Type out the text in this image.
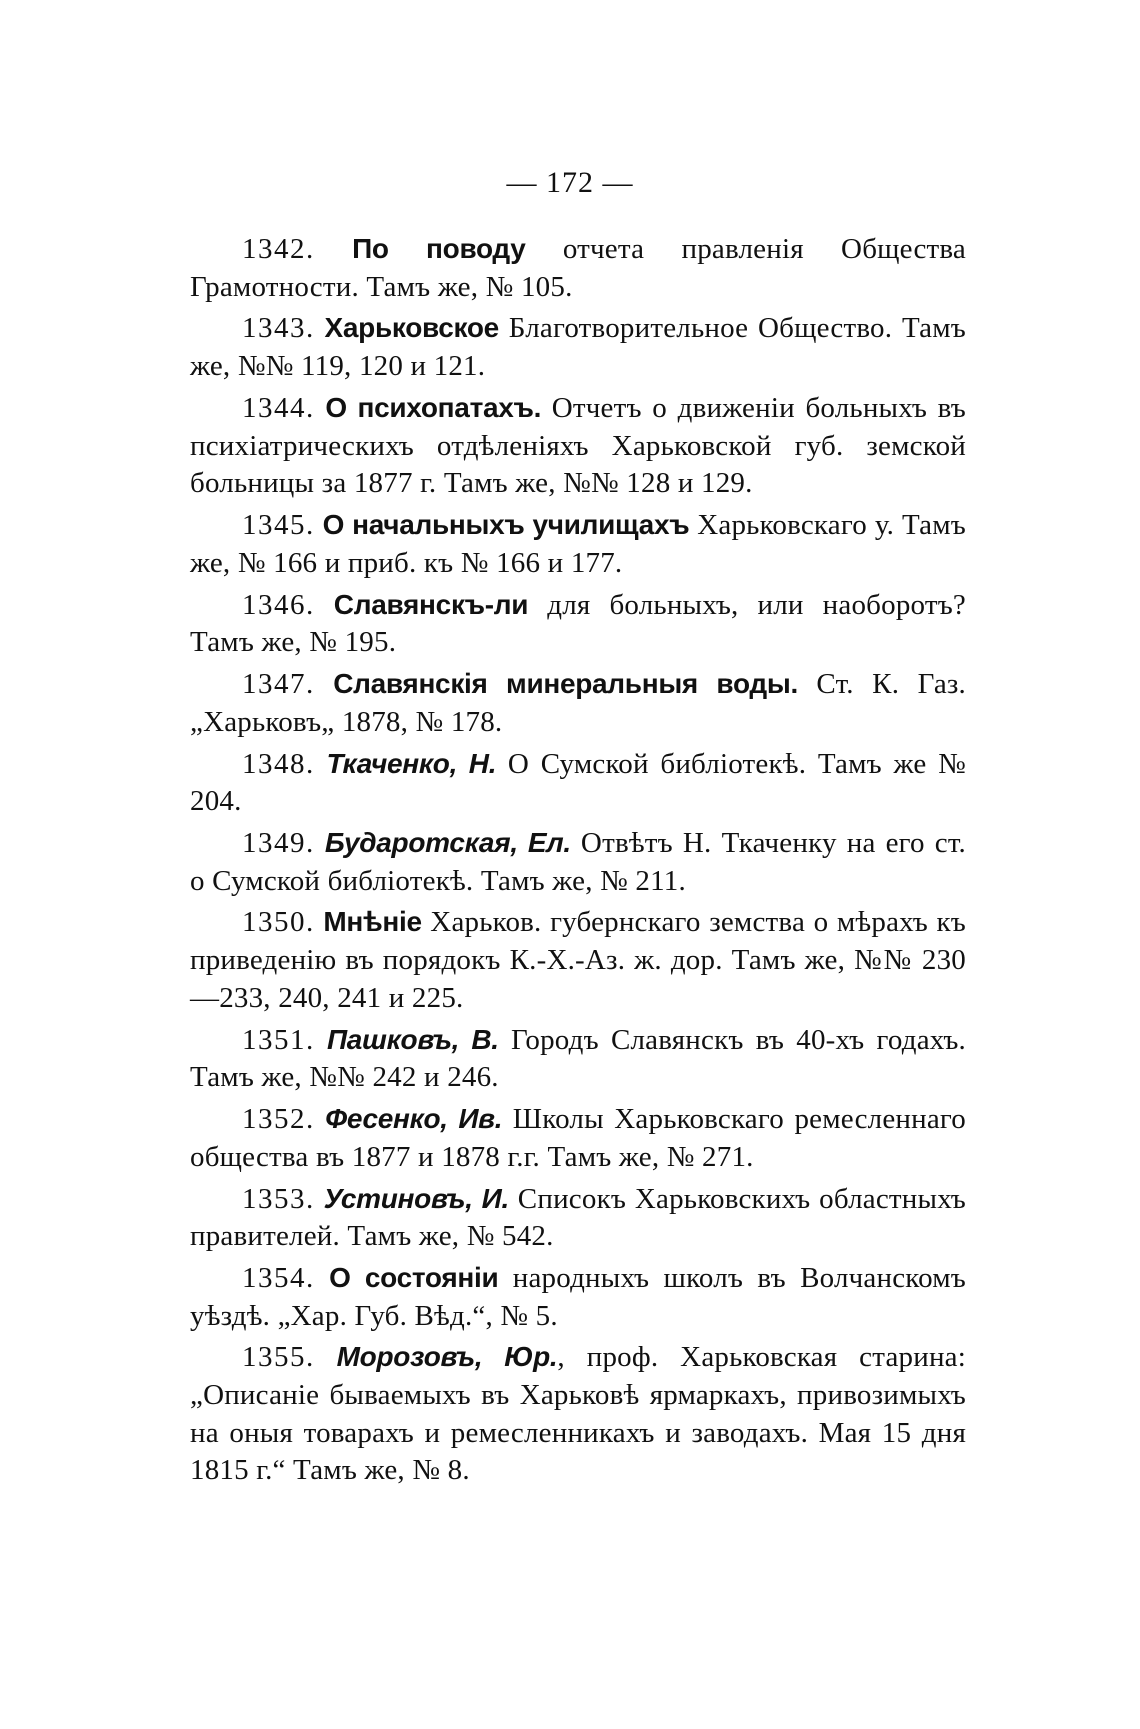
— 172 —

1342. По поводу отчета правленія Общества Грамотности. Тамъ же, № 105.

1343. Харьковское Благотворительное Общество. Тамъ же, №№ 119, 120 и 121.

1344. О психопатахъ. Отчетъ о движеніи больныхъ въ психіатрическихъ отдѣленіяхъ Харьковской губ. земской больницы за 1877 г. Тамъ же, №№ 128 и 129.

1345. О начальныхъ училищахъ Харьковскаго у. Тамъ же, № 166 и приб. къ № 166 и 177.

1346. Славянскъ-ли для больныхъ, или наоборотъ? Тамъ же, № 195.

1347. Славянскія минеральныя воды. Ст. К. Газ. „Харьковъ„ 1878, № 178.

1348. Ткаченко, Н. О Сумской библіотекѣ. Тамъ же № 204.

1349. Бударотская, Ел. Отвѣтъ Н. Ткаченку на его ст. о Сумской библіотекѣ. Тамъ же, № 211.

1350. Мнѣніе Харьков. губернскаго земства о мѣрахъ къ приведенію въ порядокъ К.-Х.-Аз. ж. дор. Тамъ же, №№ 230—233, 240, 241 и 225.

1351. Пашковъ, В. Городъ Славянскъ въ 40-хъ годахъ. Тамъ же, №№ 242 и 246.

1352. Фесенко, Ив. Школы Харьковскаго ремесленнаго общества въ 1877 и 1878 г.г. Тамъ же, № 271.

1353. Устиновъ, И. Списокъ Харьковскихъ областныхъ правителей. Тамъ же, № 542.

1354. О состояніи народныхъ школъ въ Волчанскомъ уѣздѣ. „Хар. Губ. Вѣд.“, № 5.

1355. Морозовъ, Юр., проф. Харьковская старина: „Описаніе бываемыхъ въ Харьковѣ ярмаркахъ, привозимыхъ на оныя товарахъ и ремесленникахъ и заводахъ. Мая 15 дня 1815 г.“ Тамъ же, № 8.
